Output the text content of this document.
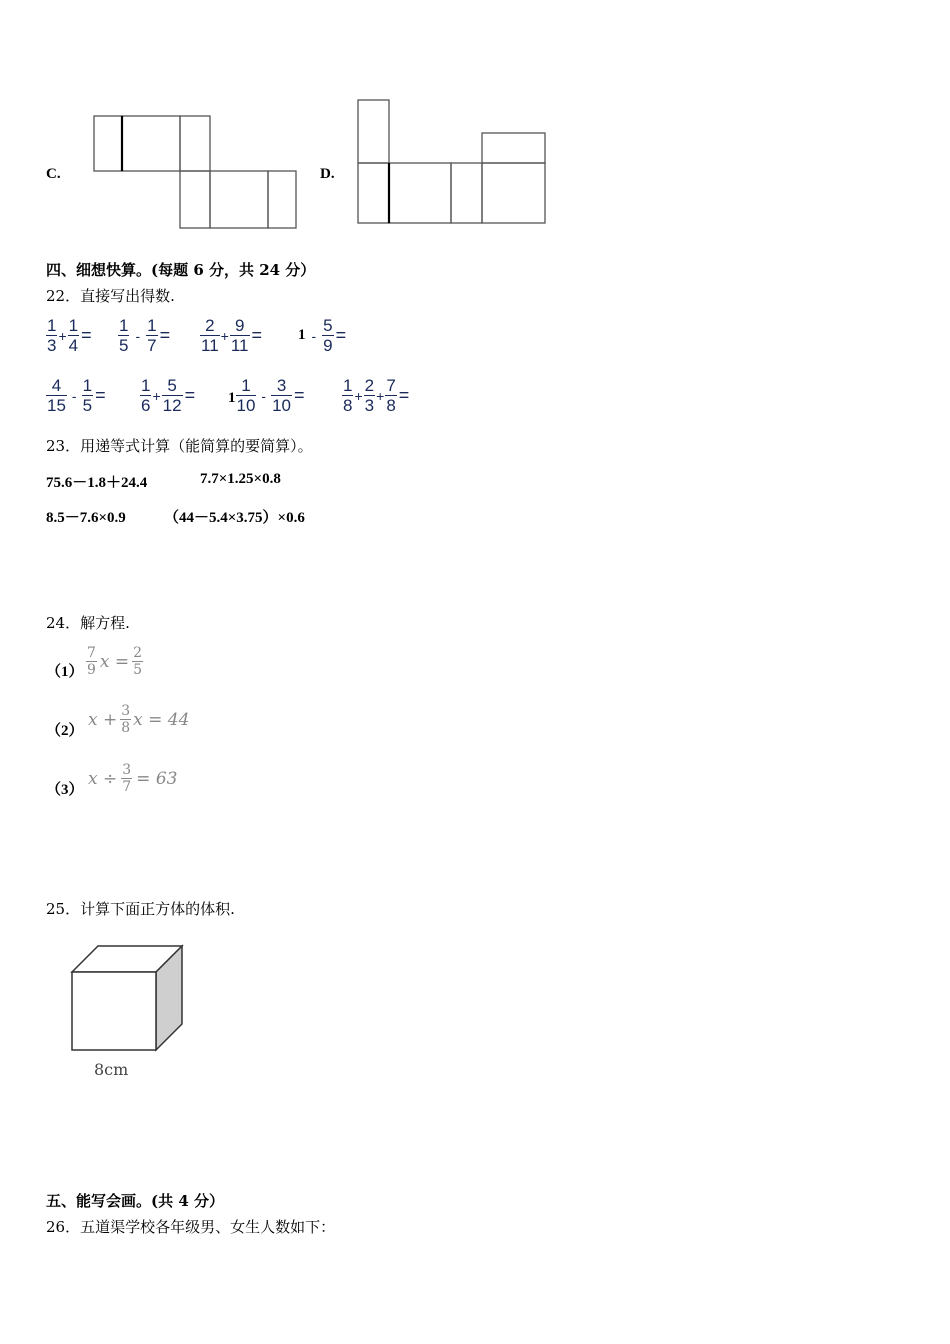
C.	D.
四、细想快算。(每题 6 分，共 24 分）
22．直接写出得数.
$\frac{1}{3} + \frac{1}{4} = \frac{1}{5} - \frac{1}{7} = \frac{2}{11} + \frac{9}{11} = 1 - \frac{5}{9}$ =
$\frac{4}{15} - \frac{1}{5} = \frac{1}{6} + \frac{5}{12} = 1 \frac{1}{10} - \frac{3}{10} = \frac{1}{8} + \frac{2}{3} + \frac{7}{8}$ =
23．用递等式计算（能简算的要简算）。
75.6－1.8＋24.4	7.7×1.25×0.8
8.5－7.6×0.9	（44－5.4×3.75）×0.6
24．解方程.
$(1) \frac{7}{9}$ $x = \frac{2}{5}$
（2）
$x + \frac{3}{8}$ x = 44
（3）
$x \div \frac{3}{7} = 63$
25．计算下面正方体的体积.
8cm
五、能写会画。(共 4 分）
26．五道渠学校各年级男、女生人数如下：
